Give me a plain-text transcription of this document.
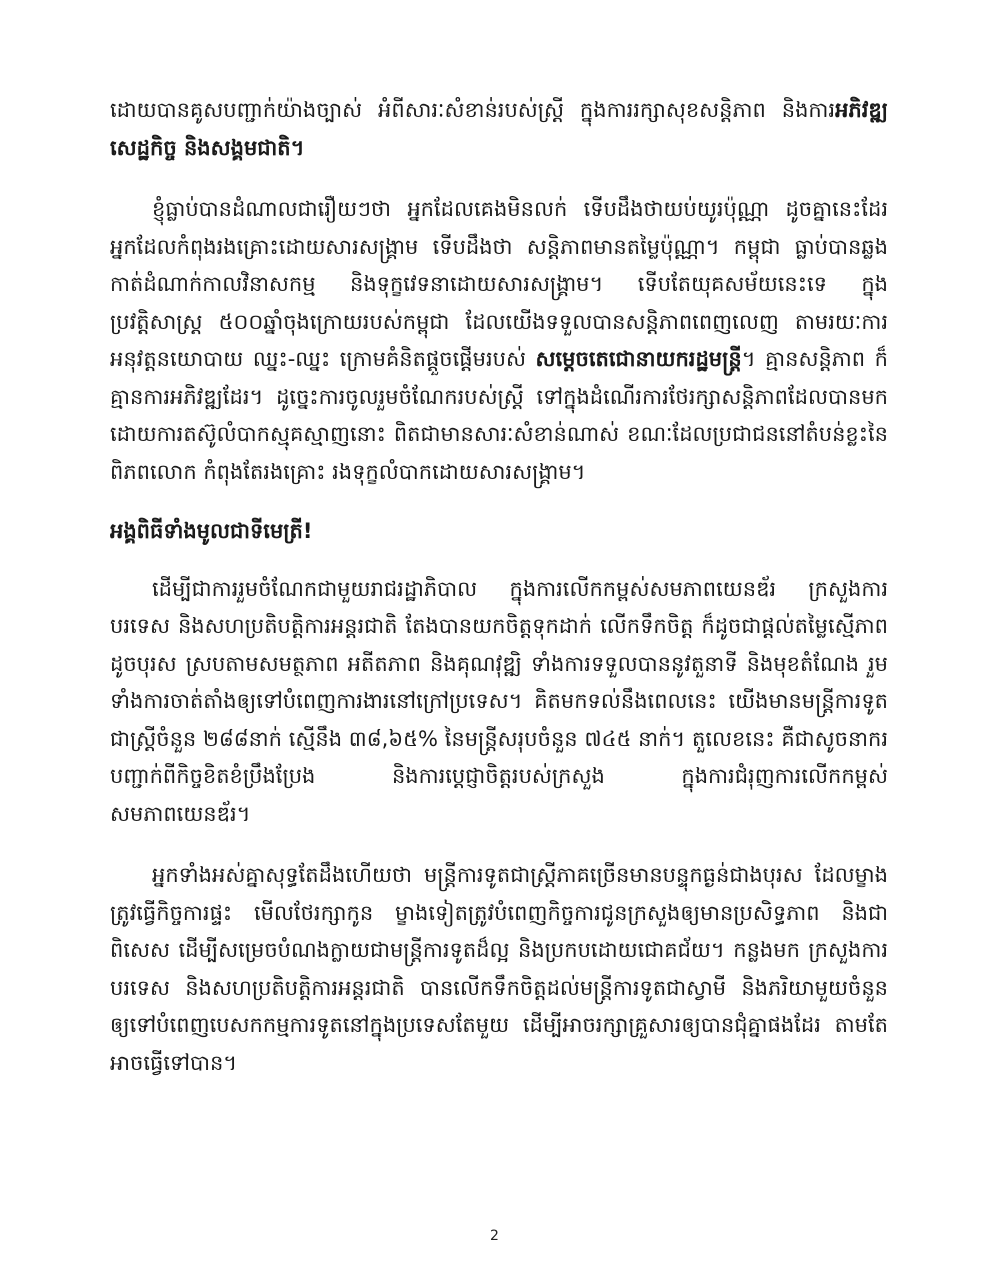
ដោយបានគូសបញ្ជាក់យ៉ាងច្បាស់ អំពីសារៈសំខាន់របស់ស្ត្រី ក្នុងការរក្សាសុខសន្តិភាព និងការអភិវឌ្ឍសេដ្ឋកិច្ច និងសង្គមជាតិ។

ខ្ញុំធ្លាប់បានដំណាលជារឿយៗថា អ្នកដែលគេងមិនលក់ ទើបដឹងថាយប់យូរប៉ុណ្ណា ដូចគ្នានេះដែរ អ្នកដែលកំពុងរងគ្រោះដោយសារសង្គ្រាម ទើបដឹងថា សន្តិភាពមានតម្លៃប៉ុណ្ណា។ កម្ពុជា ធ្លាប់បានឆ្លងកាត់ដំណាក់កាលវិនាសកម្ម និងទុក្ខវេទនាដោយសារសង្គ្រាម។ ទើបតែយុគសម័យនេះទេ ក្នុងប្រវត្តិសាស្ត្រ ៥០០ឆ្នាំចុងក្រោយរបស់កម្ពុជា ដែលយើងទទួលបានសន្តិភាពពេញលេញ តាមរយៈការអនុវត្តនយោបាយ ឈ្នះ-ឈ្នះ ក្រោមគំនិតផ្តួចផ្តើមរបស់ សម្តេចតេជោនាយករដ្ឋមន្ត្រី។ គ្មានសន្តិភាព ក៏គ្មានការអភិវឌ្ឍដែរ។ ដូច្នេះការចូលរួមចំណែករបស់ស្ត្រី ទៅក្នុងដំណើរការថែរក្សាសន្តិភាពដែលបានមកដោយការតស៊ូលំបាកស្មុគស្មាញនោះ ពិតជាមានសារៈសំខាន់ណាស់ ខណៈដែលប្រជាជននៅតំបន់ខ្លះនៃពិភពលោក កំពុងតែរងគ្រោះ រងទុក្ខលំបាកដោយសារសង្គ្រាម។

អង្គពិធីទាំងមូលជាទីមេត្រី!

ដើម្បីជាការរួមចំណែកជាមួយរាជរដ្ឋាភិបាល ក្នុងការលើកកម្ពស់សមភាពយេនឌ័រ ក្រសួងការបរទេស និងសហប្រតិបត្តិការអន្តរជាតិ តែងបានយកចិត្តទុកដាក់ លើកទឹកចិត្ត ក៏ដូចជាផ្តល់តម្លៃស្មើភាពដូចបុរស ស្របតាមសមត្ថភាព អតីតភាព និងគុណវុឌ្ឍិ ទាំងការទទួលបាននូវតួនាទី និងមុខតំណែង រួមទាំងការចាត់តាំងឲ្យទៅបំពេញការងារនៅក្រៅប្រទេស។ គិតមកទល់នឹងពេលនេះ យើងមានមន្ត្រីការទូតជាស្ត្រីចំនួន ២៨៨នាក់ ស្មើនឹង ៣៨,៦៥% នៃមន្ត្រីសរុបចំនួន ៧៤៥ នាក់។ តួលេខនេះ គឺជាសូចនាករបញ្ជាក់ពីកិច្ចខិតខំប្រឹងប្រែង និងការប្តេជ្ញាចិត្តរបស់ក្រសួង ក្នុងការជំរុញការលើកកម្ពស់សមភាពយេនឌ័រ។

អ្នកទាំងអស់គ្នាសុទ្ធតែដឹងហើយថា មន្ត្រីការទូតជាស្ត្រីភាគច្រើនមានបន្ទុកធ្ងន់ជាងបុរស ដែលម្ខាងត្រូវធ្វើកិច្ចការផ្ទះ មើលថែរក្សាកូន ម្ខាងទៀតត្រូវបំពេញកិច្ចការជូនក្រសួងឲ្យមានប្រសិទ្ធភាព និងជាពិសេស ដើម្បីសម្រេចបំណងក្លាយជាមន្ត្រីការទូតដ៏ល្អ និងប្រកបដោយជោគជ័យ។ កន្លងមក ក្រសួងការបរទេស និងសហប្រតិបត្តិការអន្តរជាតិ បានលើកទឹកចិត្តដល់មន្ត្រីការទូតជាស្វាមី និងភរិយាមួយចំនួន ឲ្យទៅបំពេញបេសកកម្មការទូតនៅក្នុងប្រទេសតែមួយ ដើម្បីអាចរក្សាគ្រួសារឲ្យបានជុំគ្នាផងដែរ តាមតែអាចធ្វើទៅបាន។

2
